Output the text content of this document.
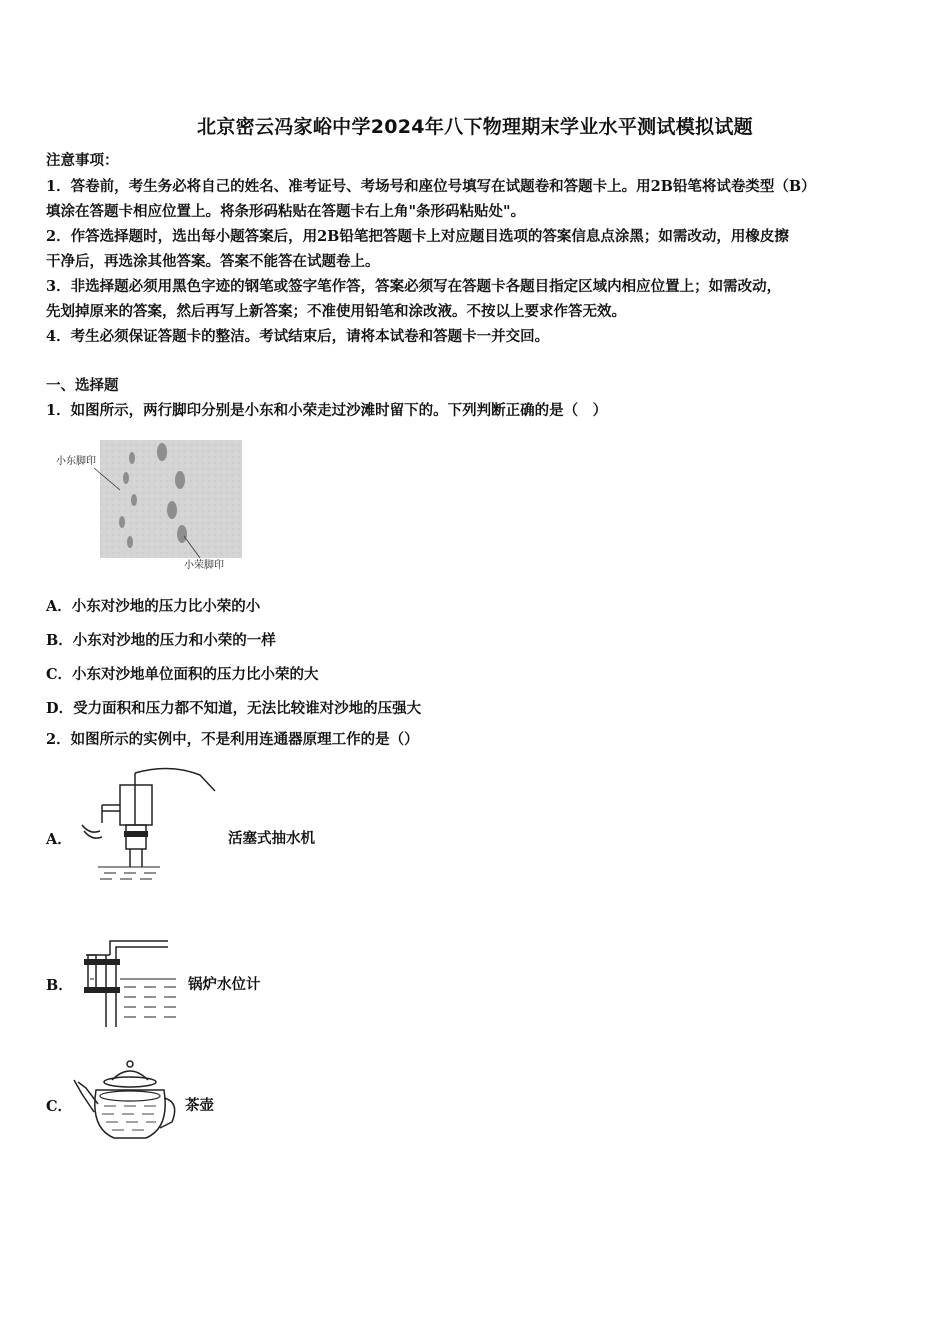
北京密云冯家峪中学2024年八下物理期末学业水平测试模拟试题
注意事项：
1．答卷前，考生务必将自己的姓名、准考证号、考场号和座位号填写在试题卷和答题卡上。用2B铅笔将试卷类型（B）
填涂在答题卡相应位置上。将条形码粘贴在答题卡右上角"条形码粘贴处"。
2．作答选择题时，选出每小题答案后，用2B铅笔把答题卡上对应题目选项的答案信息点涂黑；如需改动，用橡皮擦
干净后，再选涂其他答案。答案不能答在试题卷上。
3．非选择题必须用黑色字迹的钢笔或签字笔作答，答案必须写在答题卡各题目指定区域内相应位置上；如需改动，
先划掉原来的答案，然后再写上新答案；不准使用铅笔和涂改液。不按以上要求作答无效。
4．考生必须保证答题卡的整洁。考试结束后，请将本试卷和答题卡一并交回。
一、选择题
1．如图所示，两行脚印分别是小东和小荣走过沙滩时留下的。下列判断正确的是（　）
小东脚印
小荣脚印
A．小东对沙地的压力比小荣的小
B．小东对沙地的压力和小荣的一样
C．小东对沙地单位面积的压力比小荣的大
D．受力面积和压力都不知道，无法比较谁对沙地的压强大
2．如图所示的实例中，不是利用连通器原理工作的是（）
A．	活塞式抽水机
B．	锅炉水位计
C．	茶壶
